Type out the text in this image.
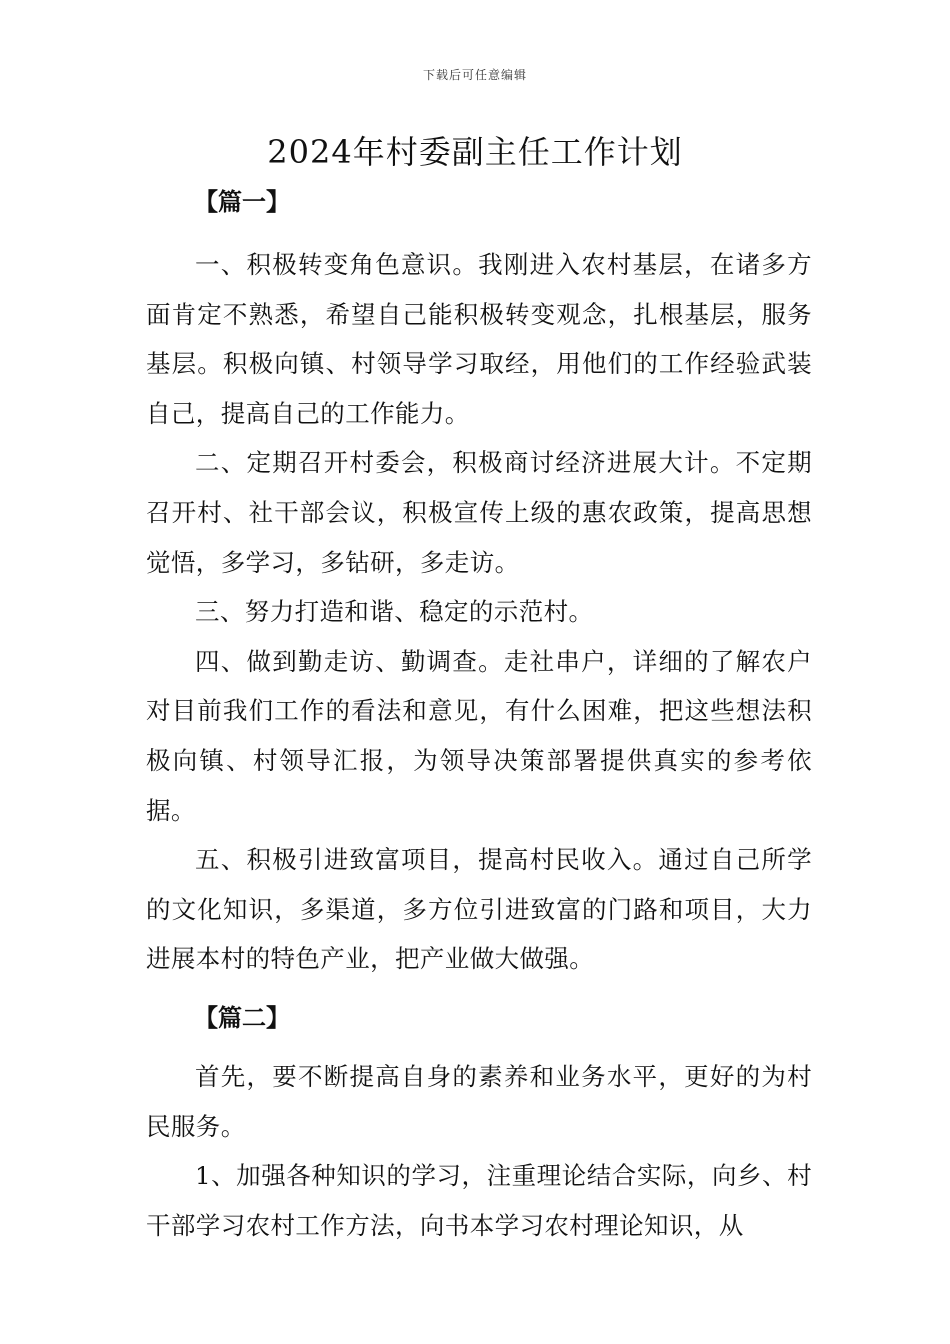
下载后可任意编辑
2024年村委副主任工作计划
【篇一】

一、积极转变角色意识。我刚进入农村基层，在诸多方面肯定不熟悉，希望自己能积极转变观念，扎根基层，服务基层。积极向镇、村领导学习取经，用他们的工作经验武装自己，提高自己的工作能力。

二、定期召开村委会，积极商讨经济进展大计。不定期召开村、社干部会议，积极宣传上级的惠农政策，提高思想觉悟，多学习，多钻研，多走访。

三、努力打造和谐、稳定的示范村。

四、做到勤走访、勤调查。走社串户，详细的了解农户对目前我们工作的看法和意见，有什么困难，把这些想法积极向镇、村领导汇报，为领导决策部署提供真实的参考依据。

五、积极引进致富项目，提高村民收入。通过自己所学的文化知识，多渠道，多方位引进致富的门路和项目，大力进展本村的特色产业，把产业做大做强。

【篇二】

首先，要不断提高自身的素养和业务水平，更好的为村民服务。

1、加强各种知识的学习，注重理论结合实际，向乡、村干部学习农村工作方法，向书本学习农村理论知识，从
